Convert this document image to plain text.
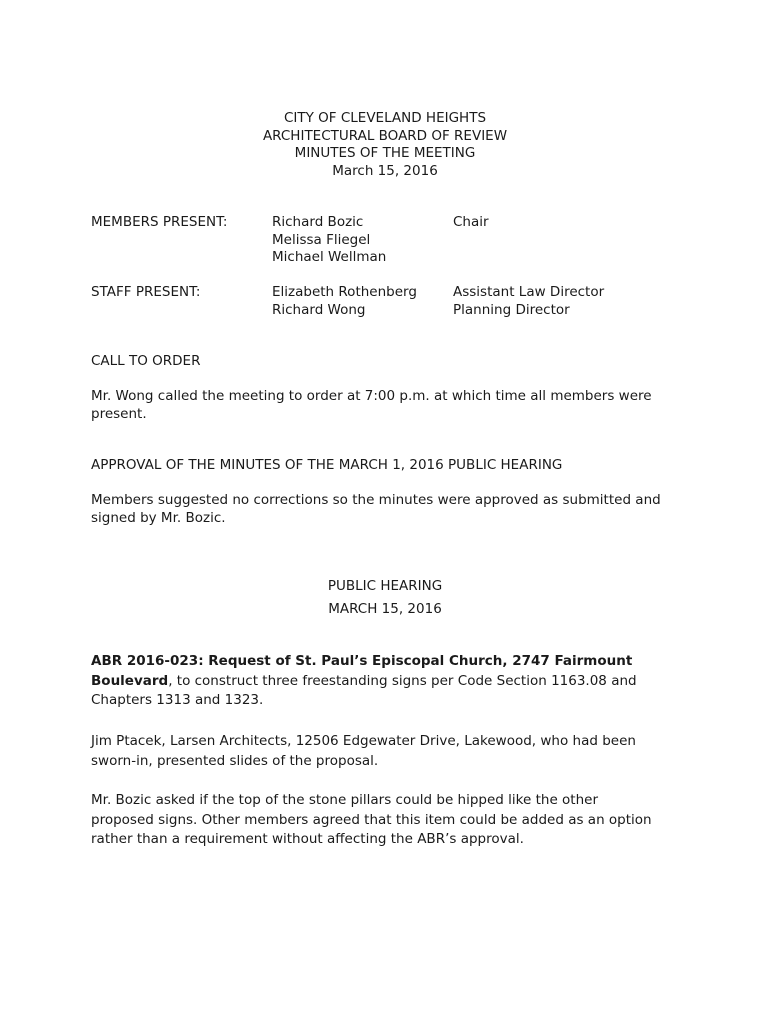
CITY OF CLEVELAND HEIGHTS
ARCHITECTURAL BOARD OF REVIEW
MINUTES OF THE MEETING
March 15, 2016
MEMBERS PRESENT:	Richard Bozic
Melissa Fliegel
Michael Wellman
Chair
STAFF PRESENT:	Elizabeth Rothenberg
Richard Wong
Assistant Law Director
Planning Director
CALL TO ORDER
Mr. Wong called the meeting to order at 7:00 p.m. at which time all members were
present.
APPROVAL OF THE MINUTES OF THE MARCH 1, 2016 PUBLIC HEARING
Members suggested no corrections so the minutes were approved as submitted and
signed by Mr. Bozic.
PUBLIC HEARING
MARCH 15, 2016
ABR 2016-023: Request of St. Paul’s Episcopal Church, 2747 Fairmount
Boulevard, to construct three freestanding signs per Code Section 1163.08 and
Chapters 1313 and 1323.
Jim Ptacek, Larsen Architects, 12506 Edgewater Drive, Lakewood, who had been
sworn-in, presented slides of the proposal.
Mr. Bozic asked if the top of the stone pillars could be hipped like the other
proposed signs. Other members agreed that this item could be added as an option
rather than a requirement without affecting the ABR’s approval.
